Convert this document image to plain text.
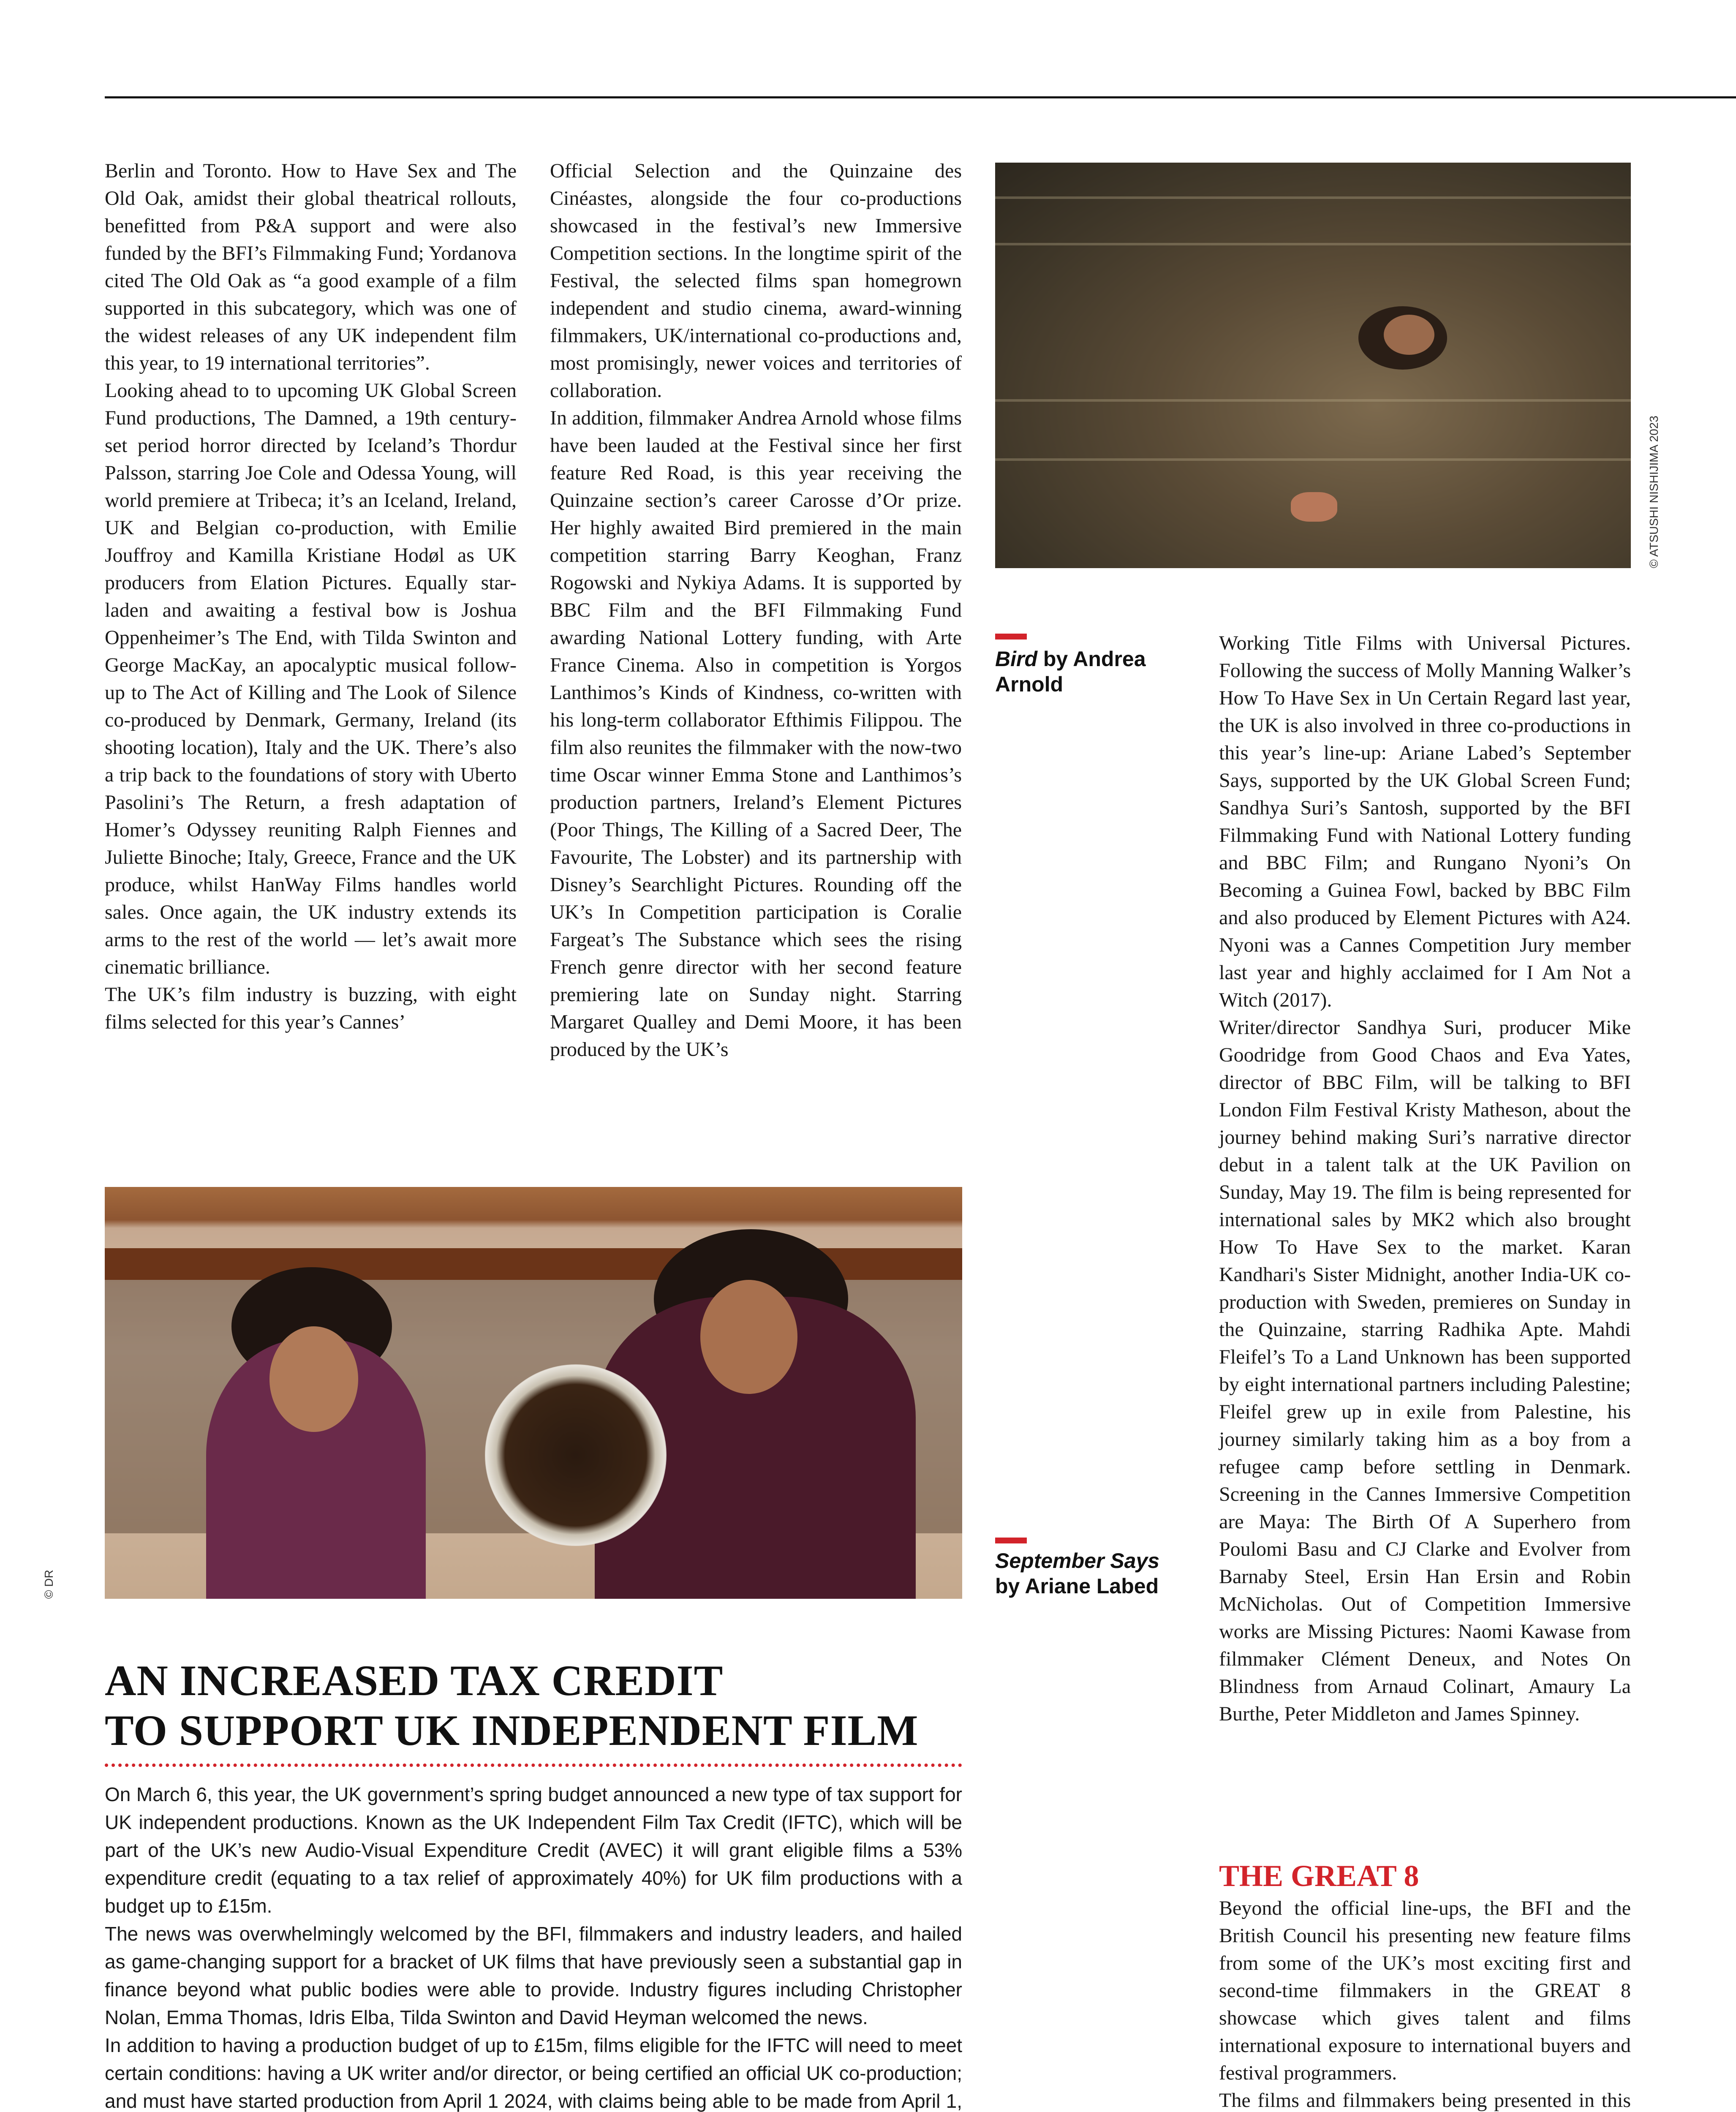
Berlin and Toronto. How to Have Sex and The Old Oak, amidst their global theatrical rollouts, benefitted from P&A support and were also funded by the BFI’s Filmmaking Fund; Yordanova cited The Old Oak as “a good example of a film supported in this subcategory, which was one of the widest releases of any UK independent film this year, to 19 international territories”.

Looking ahead to to upcoming UK Global Screen Fund productions, The Damned, a 19th century-set period horror directed by Iceland’s Thordur Palsson, starring Joe Cole and Odessa Young, will world premiere at Tribeca; it’s an Iceland, Ireland, UK and Belgian co-production, with Emilie Jouffroy and Kamilla Kristiane Hodøl as UK producers from Elation Pictures. Equally star-laden and awaiting a festival bow is Joshua Oppenheimer’s The End, with Tilda Swinton and George MacKay, an apocalyptic musical follow-up to The Act of Killing and The Look of Silence co-produced by Denmark, Germany, Ireland (its shooting location), Italy and the UK. There’s also a trip back to the foundations of story with Uberto Pasolini’s The Return, a fresh adaptation of Homer’s Odyssey reuniting Ralph Fiennes and Juliette Binoche; Italy, Greece, France and the UK produce, whilst HanWay Films handles world sales. Once again, the UK industry extends its arms to the rest of the world — let’s await more cinematic brilliance.

The UK’s film industry is buzzing, with eight films selected for this year’s Cannes’

Official Selection and the Quinzaine des Cinéastes, alongside the four co-productions showcased in the festival’s new Immersive Competition sections. In the longtime spirit of the Festival, the selected films span homegrown independent and studio cinema, award-winning filmmakers, UK/international co-productions and, most promisingly, newer voices and territories of collaboration.

In addition, filmmaker Andrea Arnold whose films have been lauded at the Festival since her first feature Red Road, is this year receiving the Quinzaine section’s career Carosse d’Or prize. Her highly awaited Bird premiered in the main competition starring Barry Keoghan, Franz Rogowski and Nykiya Adams. It is supported by BBC Film and the BFI Filmmaking Fund awarding National Lottery funding, with Arte France Cinema. Also in competition is Yorgos Lanthimos’s Kinds of Kindness, co-written with his long-term collaborator Efthimis Filippou. The film also reunites the filmmaker with the now-two time Oscar winner Emma Stone and Lanthimos’s production partners, Ireland’s Element Pictures (Poor Things, The Killing of a Sacred Deer, The Favourite, The Lobster) and its partnership with Disney’s Searchlight Pictures. Rounding off the UK’s In Competition participation is Coralie Fargeat’s The Substance which sees the rising French genre director with her second feature premiering late on Sunday night. Starring Margaret Qualley and Demi Moore, it has been produced by the UK’s

© ATSUSHI NISHIJIMA 2023
Bird by Andrea Arnold

Working Title Films with Universal Pictures. Following the success of Molly Manning Walker’s How To Have Sex in Un Certain Regard last year, the UK is also involved in three co-productions in this year’s line-up: Ariane Labed’s September Says, supported by the UK Global Screen Fund; Sandhya Suri’s Santosh, supported by the BFI Filmmaking Fund with National Lottery funding and BBC Film; and Rungano Nyoni’s On Becoming a Guinea Fowl, backed by BBC Film and also produced by Element Pictures with A24. Nyoni was a Cannes Competition Jury member last year and highly acclaimed for I Am Not a Witch (2017).

Writer/director Sandhya Suri, producer Mike Goodridge from Good Chaos and Eva Yates, director of BBC Film, will be talking to BFI London Film Festival Kristy Matheson, about the journey behind making Suri’s narrative director debut in a talent talk at the UK Pavilion on Sunday, May 19. The film is being represented for international sales by MK2 which also brought How To Have Sex to the market. Karan Kandhari's Sister Midnight, another India-UK co-production with Sweden, premieres on Sunday in the Quinzaine, starring Radhika Apte. Mahdi Fleifel’s To a Land Unknown has been supported by eight international partners including Palestine; Fleifel grew up in exile from Palestine, his journey similarly taking him as a boy from a refugee camp before settling in Denmark. Screening in the Cannes Immersive Competition are Maya: The Birth Of A Superhero from Poulomi Basu and CJ Clarke and Evolver from Barnaby Steel, Ersin Han Ersin and Robin McNicholas. Out of Competition Immersive works are Missing Pictures: Naomi Kawase from filmmaker Clément Deneux, and Notes On Blindness from Arnaud Colinart, Amaury La Burthe, Peter Middleton and James Spinney.

© DR
September Says by Ariane Labed
AN INCREASED TAX CREDIT
TO SUPPORT UK INDEPENDENT FILM

On March 6, this year, the UK government’s spring budget announced a new type of tax support for UK independent productions. Known as the UK Independent Film Tax Credit (IFTC), which will be part of the UK’s new Audio-Visual Expenditure Credit (AVEC) it will grant eligible films a 53% expenditure credit (equating to a tax relief of approximately 40%) for UK film productions with a budget up to £15m.

The news was overwhelmingly welcomed by the BFI, filmmakers and industry leaders, and hailed as game-changing support for a bracket of UK films that have previously seen a substantial gap in finance beyond what public bodies were able to provide. Industry figures including Christopher Nolan, Emma Thomas, Idris Elba, Tilda Swinton and David Heyman welcomed the news.

In addition to having a production budget of up to £15m, films eligible for the IFTC will need to meet certain conditions: having a UK writer and/or director, or being certified an official UK co-production; and must have started production from April 1 2024, with claims being able to be made from April 1,

THE GREAT 8

Beyond the official line-ups, the BFI and the British Council his presenting new feature films from some of the UK’s most exciting first and second-time filmmakers in the GREAT 8 showcase which gives talent and films international exposure to international buyers and festival programmers.

The films and filmmakers being presented in this
